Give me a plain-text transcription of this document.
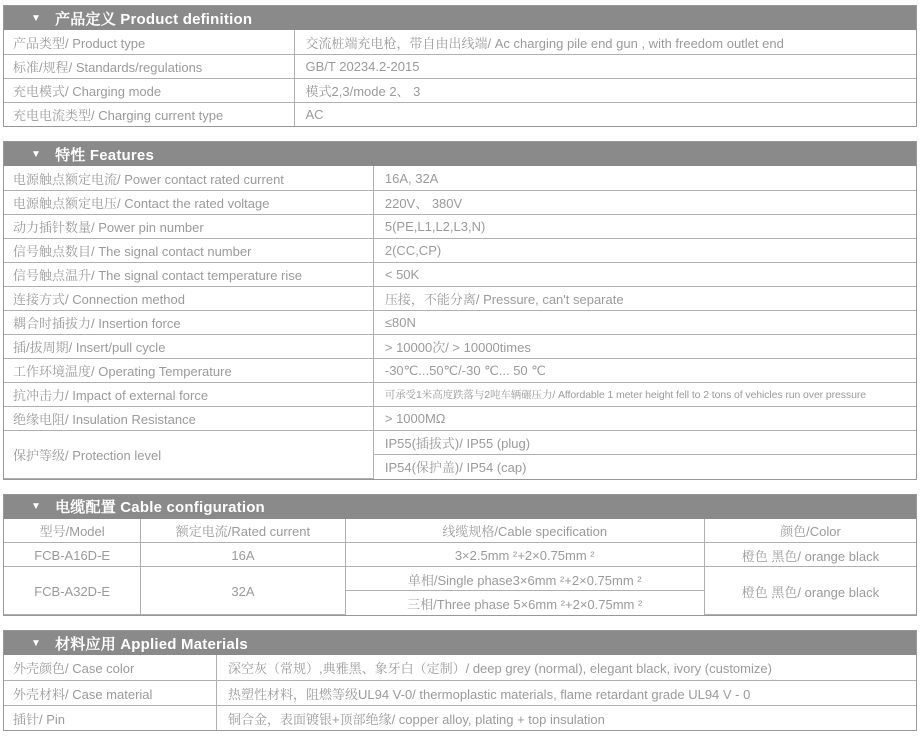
▼ 产品定义 Product definition
产品类型/ Product type	交流桩端充电枪，带自由出线端/ Ac charging pile end gun , with freedom outlet end
标准/规程/ Standards/regulations	GB/T 20234.2-2015
充电模式/ Charging mode	模式2,3/mode 2、 3
充电电流类型/ Charging current type	AC
▼ 特性 Features
电源触点额定电流/ Power contact rated current	16A, 32A
电源触点额定电压/ Contact the rated voltage	220V、 380V
动力插针数量/ Power pin number	5(PE,L1,L2,L3,N)
信号触点数目/ The signal contact number	2(CC,CP)
信号触点温升/ The signal contact temperature rise	< 50K
连接方式/ Connection method	压接，不能分离/ Pressure, can't separate
耦合时插拔力/ Insertion force	≤80N
插/拔周期/ Insert/pull cycle	> 10000次/ > 10000times
工作环境温度/ Operating Temperature	-30℃...50℃/-30 ℃... 50 ℃
抗冲击力/ Impact of external force	可承受1米高度跌落与2吨车辆碾压力/ Affordable 1 meter height fell to 2 tons of vehicles run over pressure
绝缘电阻/ Insulation Resistance	> 1000MΩ
保护等级/ Protection level	IP55(插拔式)/ IP55 (plug)
	IP54(保护盖)/ IP54 (cap)
▼ 电缆配置 Cable configuration
型号/Model	额定电流/Rated current	线缆规格/Cable specification	颜色/Color
FCB-A16D-E	16A	3×2.5mm ²+2×0.75mm ²	橙色 黑色/ orange black
FCB-A32D-E	32A	单相/Single phase3×6mm ²+2×0.75mm ²	橙色 黑色/ orange black
		三相/Three phase 5×6mm ²+2×0.75mm ²	
▼ 材料应用 Applied Materials
外壳颜色/ Case color	深空灰（常规）,典雅黑、象牙白（定制）/ deep grey (normal), elegant black, ivory (customize)
外壳材料/ Case material	热塑性材料，阻燃等级UL94 V-0/ thermoplastic materials, flame retardant grade UL94 V - 0
插针/ Pin	铜合金，表面镀银+顶部绝缘/ copper alloy, plating + top insulation
